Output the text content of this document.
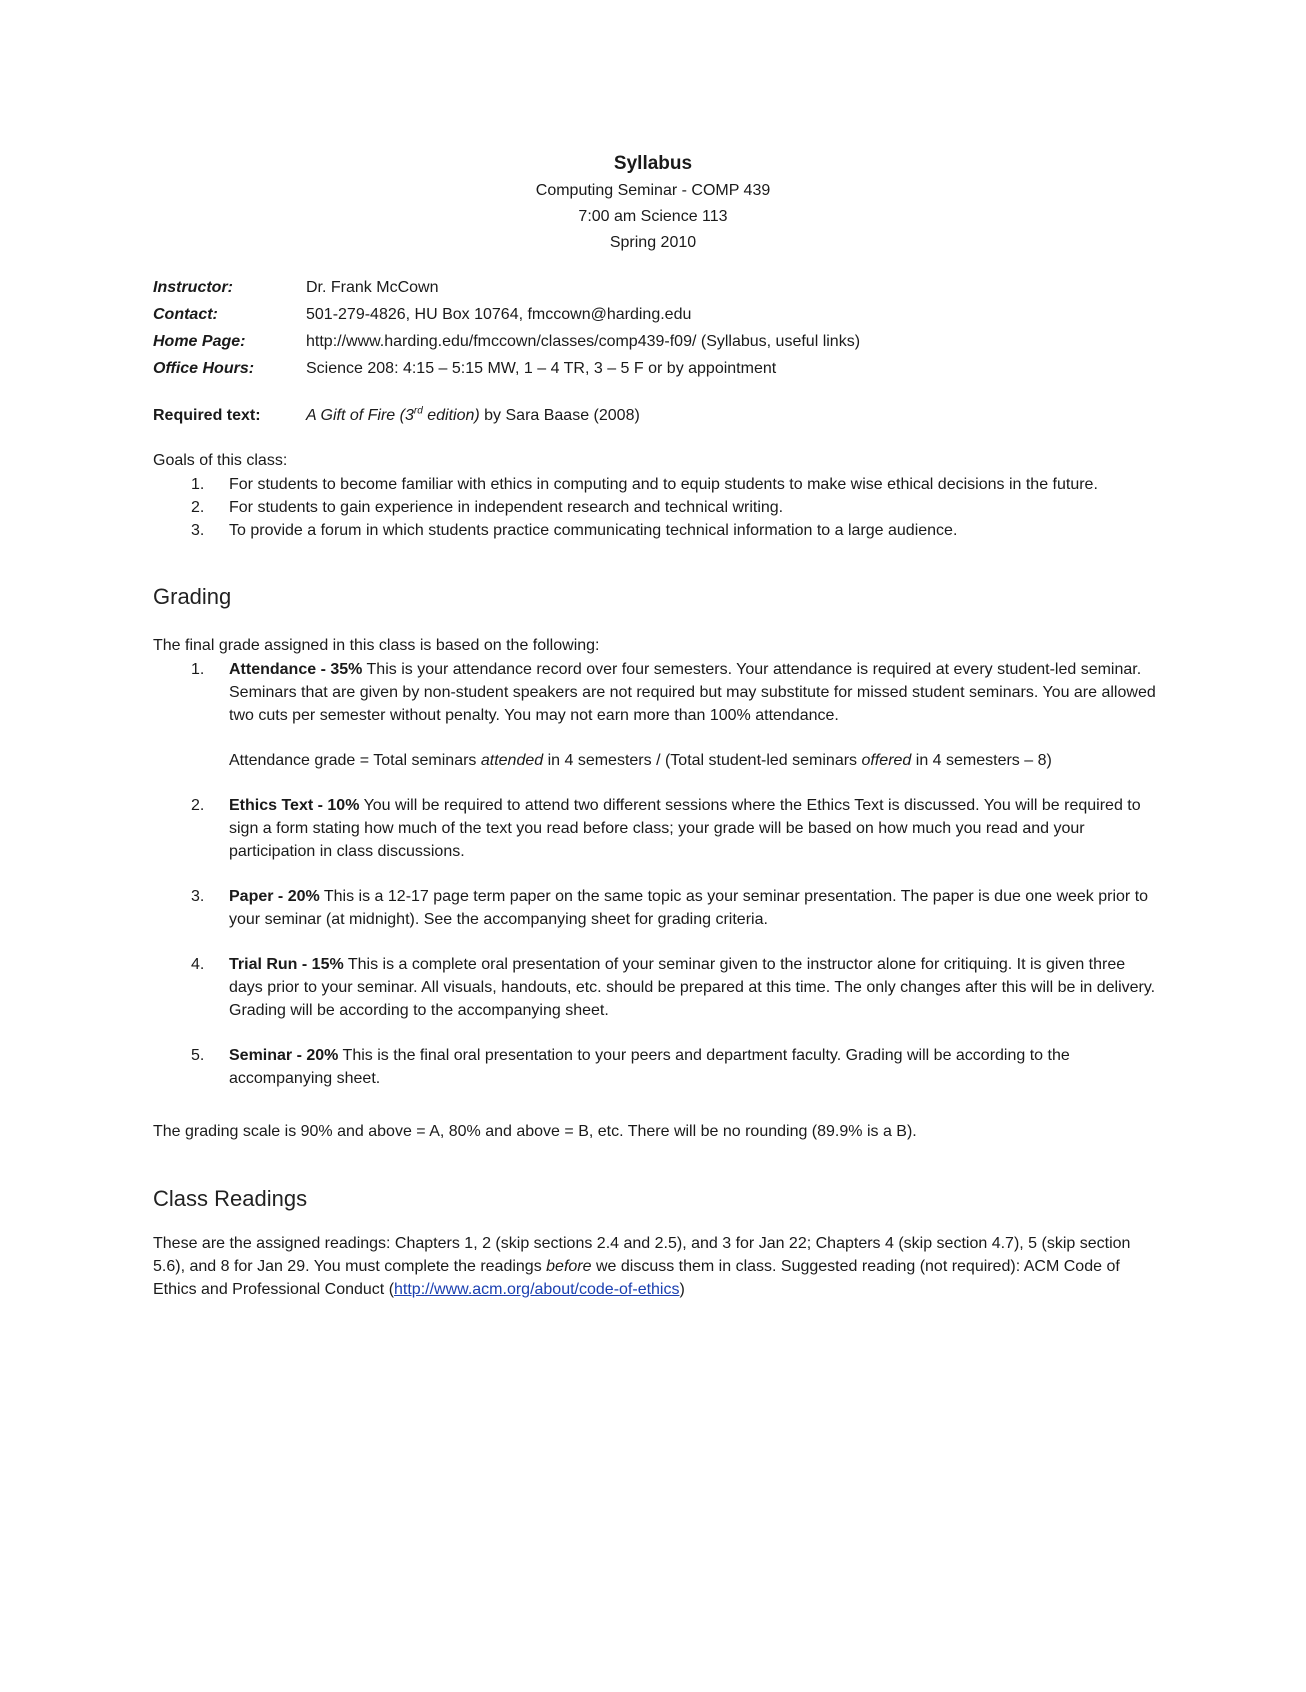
Syllabus
Computing Seminar - COMP 439
7:00 am Science 113
Spring 2010
Instructor:	Dr. Frank McCown
Contact:	501-279-4826, HU Box 10764, fmccown@harding.edu
Home Page:	http://www.harding.edu/fmccown/classes/comp439-f09/ (Syllabus, useful links)
Office Hours:	Science 208: 4:15 – 5:15 MW, 1 – 4 TR, 3 – 5 F or by appointment
Required text:	A Gift of Fire (3rd edition) by Sara Baase (2008)
Goals of this class:
1.	For students to become familiar with ethics in computing and to equip students to make wise ethical decisions in the future.
2.	For students to gain experience in independent research and technical writing.
3.	To provide a forum in which students practice communicating technical information to a large audience.
Grading
The final grade assigned in this class is based on the following:
1.	Attendance - 35% This is your attendance record over four semesters. Your attendance is required at every student-led seminar. Seminars that are given by non-student speakers are not required but may substitute for missed student seminars. You are allowed two cuts per semester without penalty. You may not earn more than 100% attendance.
Attendance grade = Total seminars attended in 4 semesters / (Total student-led seminars offered in 4 semesters – 8)
2.	Ethics Text - 10% You will be required to attend two different sessions where the Ethics Text is discussed. You will be required to sign a form stating how much of the text you read before class; your grade will be based on how much you read and your participation in class discussions.
3.	Paper - 20% This is a 12-17 page term paper on the same topic as your seminar presentation. The paper is due one week prior to your seminar (at midnight). See the accompanying sheet for grading criteria.
4.	Trial Run - 15% This is a complete oral presentation of your seminar given to the instructor alone for critiquing. It is given three days prior to your seminar. All visuals, handouts, etc. should be prepared at this time. The only changes after this will be in delivery. Grading will be according to the accompanying sheet.
5.	Seminar - 20% This is the final oral presentation to your peers and department faculty. Grading will be according to the accompanying sheet.
The grading scale is 90% and above = A, 80% and above = B, etc. There will be no rounding (89.9% is a B).
Class Readings
These are the assigned readings: Chapters 1, 2 (skip sections 2.4 and 2.5), and 3 for Jan 22; Chapters 4 (skip section 4.7), 5 (skip section 5.6), and 8 for Jan 29. You must complete the readings before we discuss them in class. Suggested reading (not required): ACM Code of Ethics and Professional Conduct (http://www.acm.org/about/code-of-ethics)
